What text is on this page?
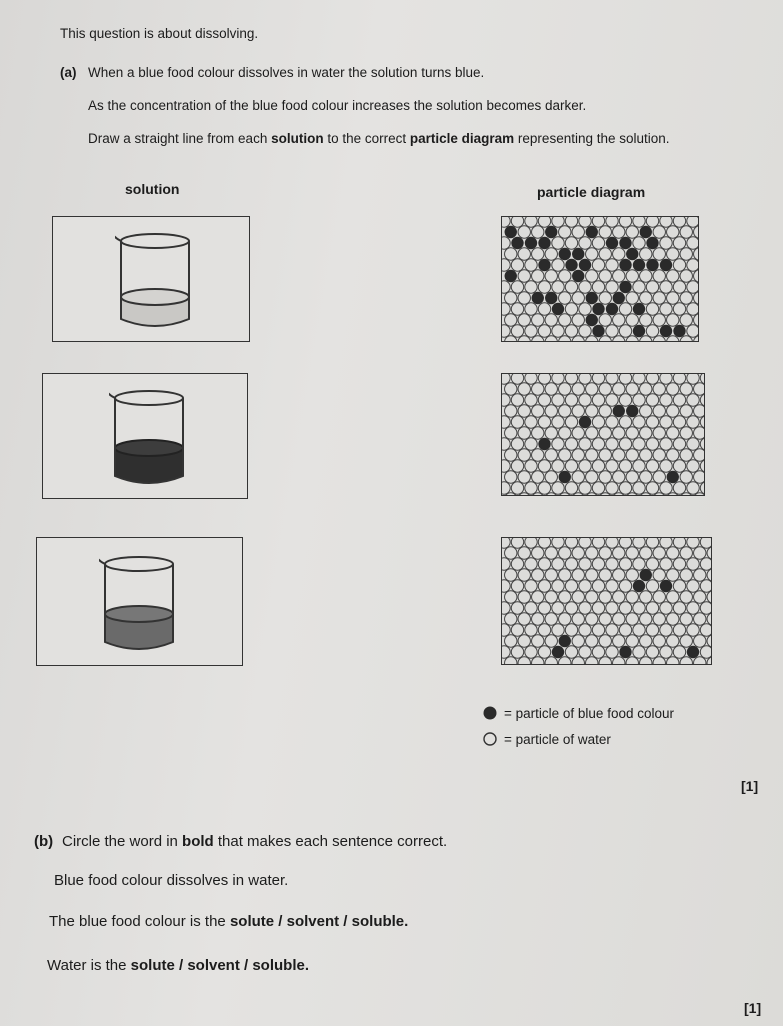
This question is about dissolving.
(a) When a blue food colour dissolves in water the solution turns blue.
As the concentration of the blue food colour increases the solution becomes darker.
Draw a straight line from each solution to the correct particle diagram representing the solution.
solution	particle diagram
= particle of blue food colour
= particle of water
[1]
(b) Circle the word in bold that makes each sentence correct.
Blue food colour dissolves in water.
The blue food colour is the solute / solvent / soluble.
Water is the solute / solvent / soluble.
[1]
